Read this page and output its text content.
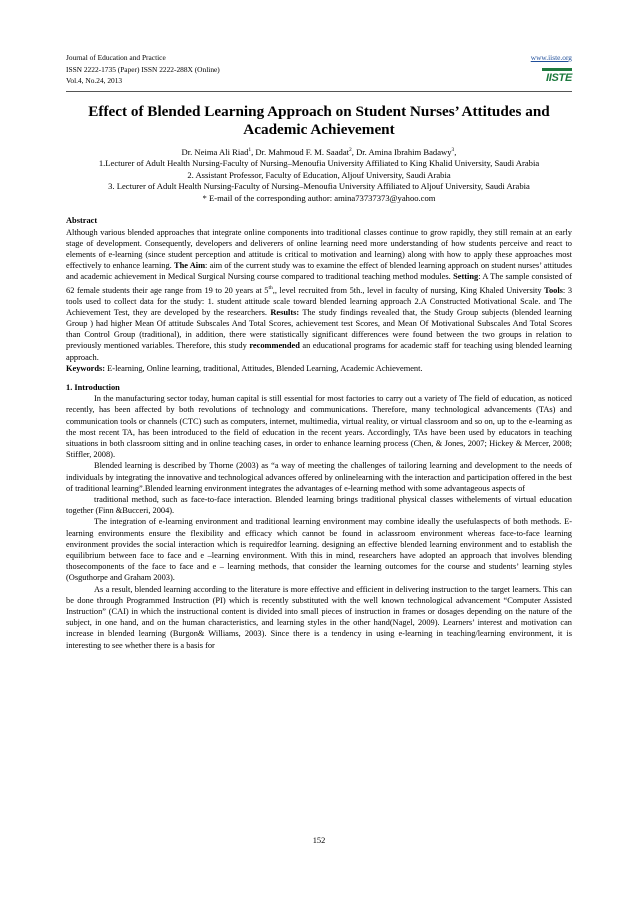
Journal of Education and Practice
ISSN 2222-1735 (Paper) ISSN 2222-288X (Online)
Vol.4, No.24, 2013
www.iiste.org
IISTE
Effect of Blended Learning Approach on Student Nurses’ Attitudes and Academic Achievement
Dr. Neima Ali Riad$^1$, Dr. Mahmoud F. M. Saadat$^2$, Dr. Amina Ibrahim Badawy$^3$,
1.Lecturer of Adult Health Nursing-Faculty of Nursing–Menoufia University Affiliated to King Khalid University, Saudi Arabia
2. Assistant Professor, Faculty of Education, Aljouf University, Saudi Arabia
3. Lecturer of Adult Health Nursing-Faculty of Nursing–Menoufia University Affiliated to Aljouf University, Saudi Arabia
* E-mail of the corresponding author: amina73737373@yahoo.com
Abstract

Although various blended approaches that integrate online components into traditional classes continue to grow rapidly, they still remain at an early stage of development. Consequently, developers and deliverers of online learning need more understanding of how students perceive and react to elements of e-learning (since student perception and attitude is critical to motivation and learning) along with how to apply these approaches most effectively to enhance learning. The Aim: aim of the current study was to examine the effect of blended learning approach on student nurses’ attitudes and academic achievement in Medical Surgical Nursing course compared to traditional teaching method modules. Setting: A The sample consisted of 62 female students their age range from 19 to 20 years at 5th,, level recruited from 5th., level in faculty of nursing, King Khaled University Tools: 3 tools used to collect data for the study: 1. student attitude scale toward blended learning approach 2.A Constructed Motivational Scale. and The Achievement Test, they are developed by the researchers. Results: The study findings revealed that, the Study Group subjects (blended learning Group ) had higher Mean Of attitude Subscales And Total Scores, achievement test Scores, and Mean Of Motivational Subscales And Total Scores than Control Group (traditional), in addition, there were statistically significant differences were found between the two groups in relation to previously mentioned variables. Therefore, this study recommended an educational programs for academic staff for teaching using blended learning approach.

Keywords: E-learning, Online learning, traditional, Attitudes, Blended Learning, Academic Achievement.

1. Introduction

In the manufacturing sector today, human capital is still essential for most factories to carry out a variety of The field of education, as noticed recently, has been affected by both revolutions of technology and communications. Therefore, many technological advancements (TAs) and communication tools or channels (CTC) such as computers, internet, multimedia, virtual reality, or virtual classroom and so on, up to the e-learning as the most recent TA, has been introduced to the field of education in the recent years. Accordingly, TAs have been used by educators in teaching situations in both classroom sitting and in online teaching cases, in order to enhance learning process (Chen, & Jones, 2007; Hickey & Mercer, 2008; Stiffler, 2008).

Blended learning is described by Thorne (2003) as “a way of meeting the challenges of tailoring learning and development to the needs of individuals by integrating the innovative and technological advances offered by onlinelearning with the interaction and participation offered in the best of traditional learning”.Blended learning environment integrates the advantages of e-learning method with some advantageous aspects of

traditional method, such as face-to-face interaction. Blended learning brings traditional physical classes withelements of virtual education together (Finn &Bucceri, 2004).

The integration of e-learning environment and traditional learning environment may combine ideally the usefulaspects of both methods. E-learning environments ensure the flexibility and efficacy which cannot be found in aclassroom environment whereas face-to-face learning environment provides the social interaction which is requiredfor learning. designing an effective blended learning environment and to establish the equilibrium between face to face and e –learning environment. With this in mind, researchers have adopted an approach that involves blending thosecomponents of the face to face and e – learning methods, that consider the learning outcomes for the course and students’ learning styles (Osguthorpe and Graham 2003).

As a result, blended learning according to the literature is more effective and efficient in delivering instruction to the target learners. This can be done through Programmed Instruction (PI) which is recently substituted with the well known technological advancement “Computer Assisted Instruction” (CAI) in which the instructional content is divided into small pieces of instruction in frames or dosages depending on the nature of the subject, in one hand, and on the human characteristics, and learning styles in the other hand(Nagel, 2009). Learners’ interest and motivation can increase in blended learning (Burgon& Williams, 2003). Since there is a tendency in using e-learning in teaching/learning environment, it is interesting to see whether there is a basis for

152
